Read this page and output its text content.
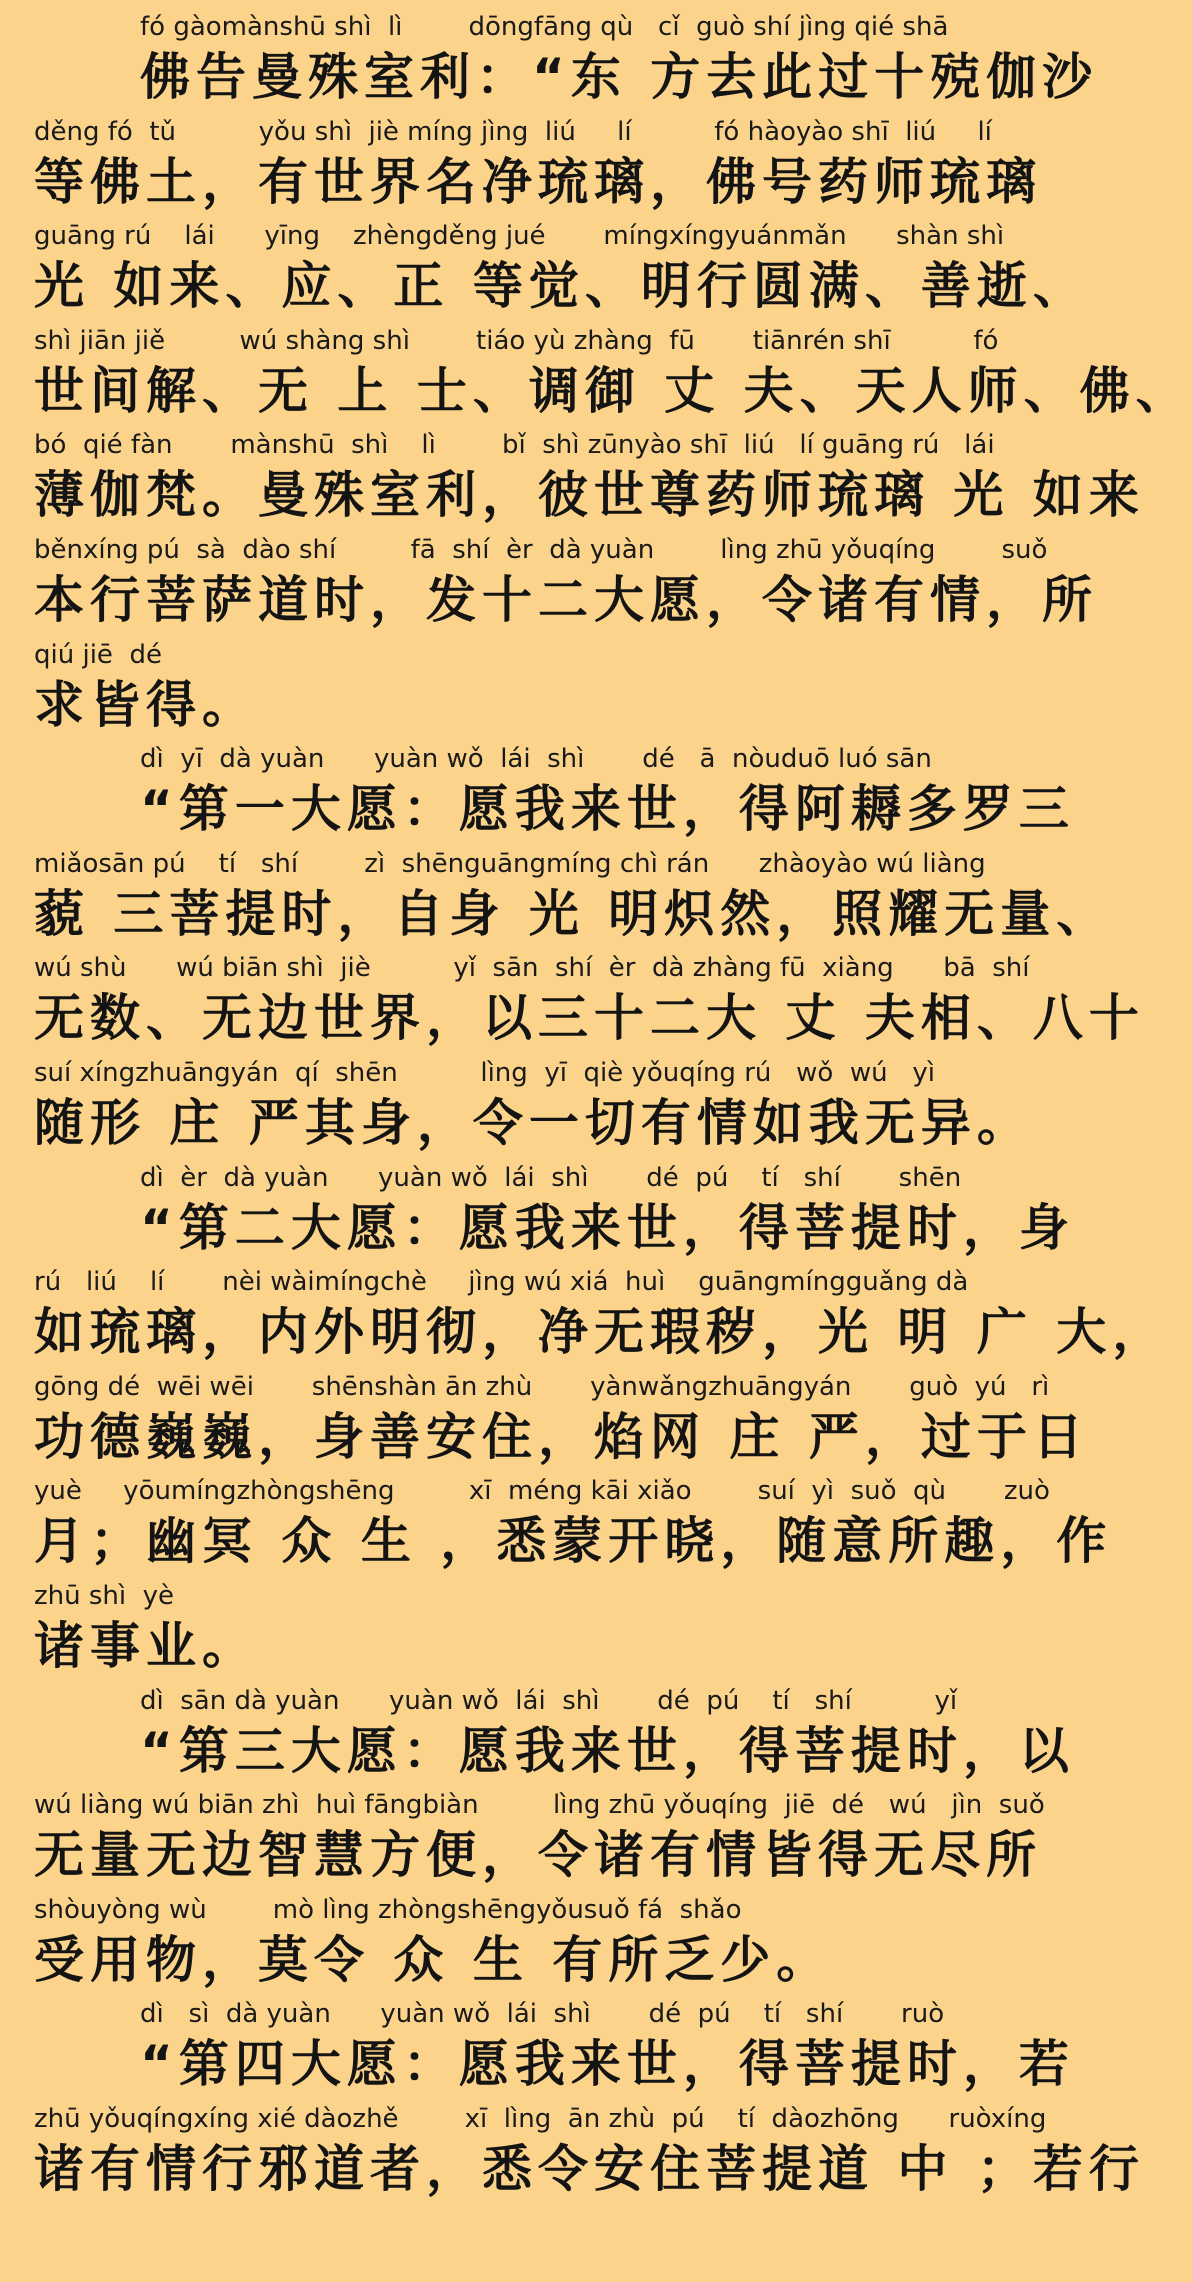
fó gàomànshū shì  lì        dōngfāng qù   cǐ  guò shí jìng qié shā
佛告曼殊室利：“东 方去此过十殑伽沙
děng fó  tǔ          yǒu shì  jiè míng jìng  liú     lí          fó hàoyào shī  liú     lí
等佛土，有世界名净琉璃，佛号药师琉璃
guāng rú    lái      yīng    zhèngděng jué       míngxíngyuánmǎn      shàn shì
光 如来、应、正 等觉、明行圆满、善逝、
shì jiān jiě         wú shàng shì        tiáo yù zhàng  fū       tiānrén shī          fó
世间解、无 上 士、调御 丈 夫、天人师、佛、
bó  qié fàn       mànshū  shì    lì        bǐ  shì zūnyào shī  liú   lí guāng rú   lái
薄伽梵。曼殊室利，彼世尊药师琉璃 光 如来
běnxíng pú  sà  dào shí         fā  shí  èr  dà yuàn        lìng zhū yǒuqíng        suǒ
本行菩萨道时，发十二大愿，令诸有情，所
qiú jiē  dé
求皆得。
dì  yī  dà yuàn      yuàn wǒ  lái  shì       dé   ā  nòuduō luó sān
“第一大愿：愿我来世，得阿耨多罗三
miǎosān pú    tí   shí        zì  shēnguāngmíng chì rán      zhàoyào wú liàng
藐 三菩提时，自身 光 明炽然，照耀无量、
wú shù      wú biān shì  jiè          yǐ  sān  shí  èr  dà zhàng fū  xiàng      bā  shí
无数、无边世界，以三十二大 丈 夫相、八十
suí xíngzhuāngyán  qí  shēn          lìng  yī  qiè yǒuqíng rú   wǒ  wú   yì
随形 庄 严其身，令一切有情如我无异。
dì  èr  dà yuàn      yuàn wǒ  lái  shì       dé  pú    tí   shí       shēn
“第二大愿：愿我来世，得菩提时，身
rú   liú    lí       nèi wàimíngchè     jìng wú xiá  huì    guāngmíngguǎng dà
如琉璃，内外明彻，净无瑕秽，光 明 广 大，
gōng dé  wēi wēi       shēnshàn ān zhù       yànwǎngzhuāngyán       guò  yú   rì
功德巍巍，身善安住，焰网 庄 严，过于日
yuè     yōumíngzhòngshēng         xī  méng kāi xiǎo        suí  yì  suǒ  qù       zuò
月；幽冥 众 生 ，悉蒙开晓，随意所趣，作
zhū shì  yè
诸事业。
dì  sān dà yuàn      yuàn wǒ  lái  shì       dé  pú    tí   shí          yǐ
“第三大愿：愿我来世，得菩提时，以
wú liàng wú biān zhì  huì fāngbiàn         lìng zhū yǒuqíng  jiē  dé   wú   jìn  suǒ
无量无边智慧方便，令诸有情皆得无尽所
shòuyòng wù        mò lìng zhòngshēngyǒusuǒ fá  shǎo
受用物，莫令 众 生 有所乏少。
dì   sì  dà yuàn      yuàn wǒ  lái  shì       dé  pú    tí   shí       ruò
“第四大愿：愿我来世，得菩提时，若
zhū yǒuqíngxíng xié dàozhě        xī  lìng  ān zhù  pú    tí  dàozhōng      ruòxíng
诸有情行邪道者，悉令安住菩提道 中 ；若行
